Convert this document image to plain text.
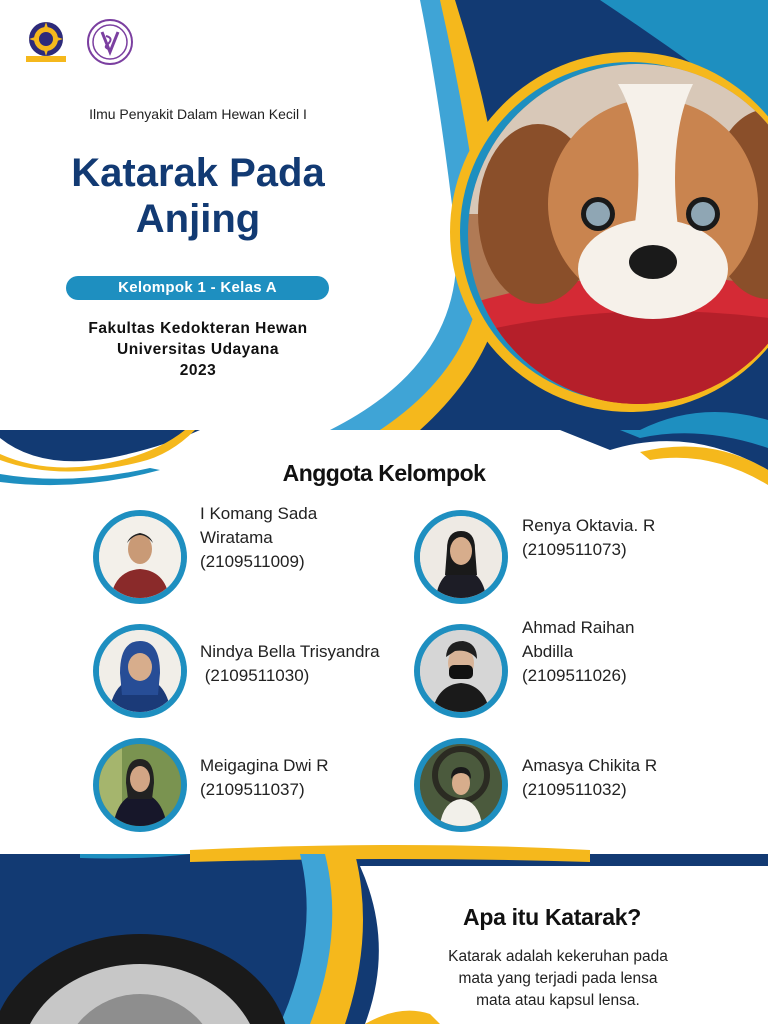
Ilmu Penyakit Dalam Hewan Kecil I
Katarak Pada
Anjing
Kelompok 1 - Kelas A
Fakultas Kedokteran Hewan
Universitas Udayana
2023
Anggota Kelompok
I Komang Sada
Wiratama
(2109511009)
Renya Oktavia. R
(2109511073)
Nindya Bella Trisyandra
(2109511030)
Ahmad Raihan
Abdilla
(2109511026)
Meigagina Dwi R
(2109511037)
Amasya Chikita R
(2109511032)
Apa itu Katarak?
Katarak adalah kekeruhan pada
mata yang terjadi pada lensa
mata atau kapsul lensa.
